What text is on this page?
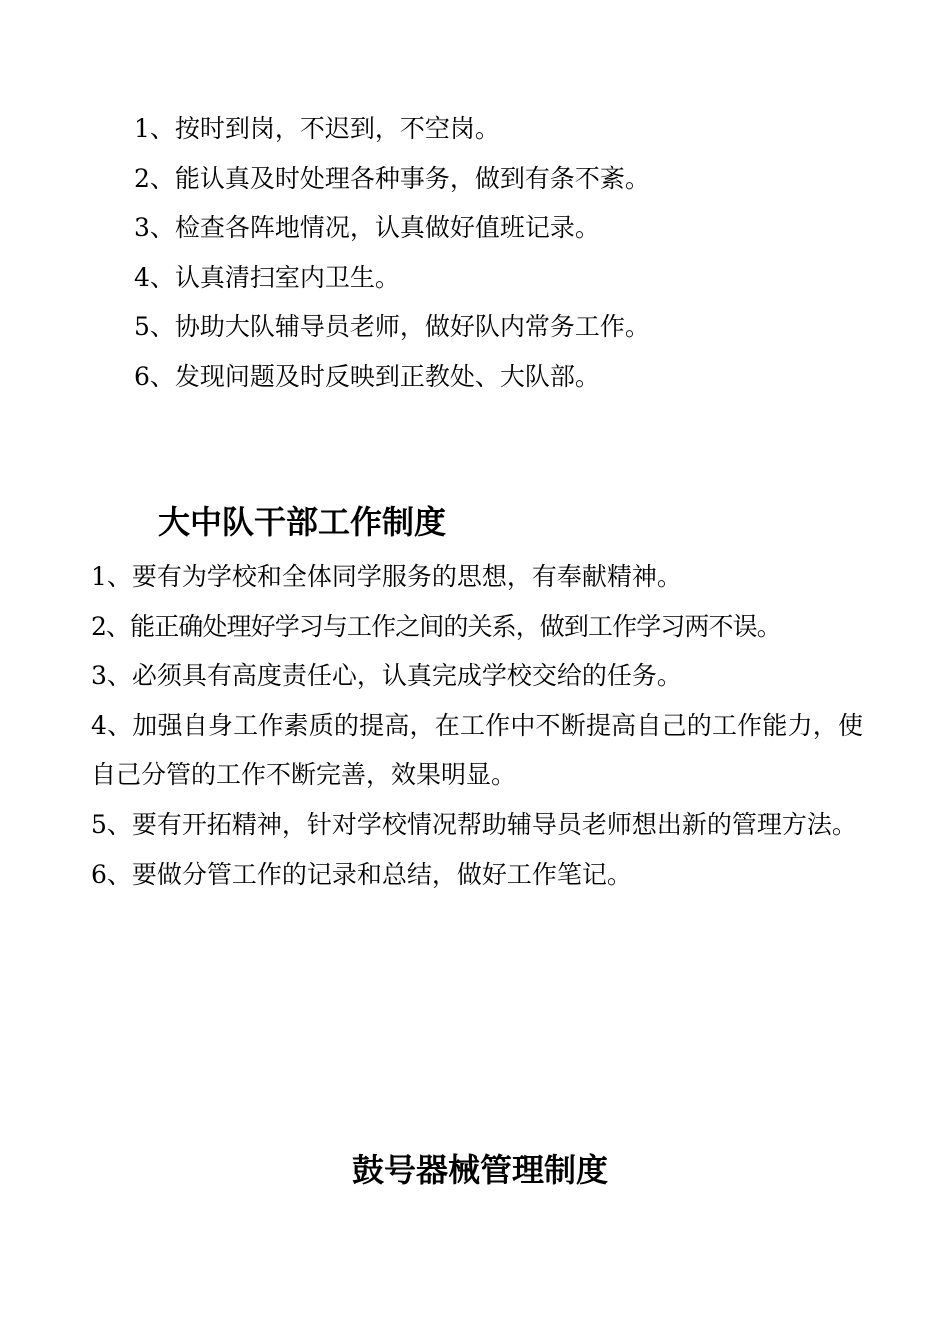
1、按时到岗，不迟到，不空岗。
2、能认真及时处理各种事务，做到有条不紊。
3、检查各阵地情况，认真做好值班记录。
4、认真清扫室内卫生。
5、协助大队辅导员老师，做好队内常务工作。
6、发现问题及时反映到正教处、大队部。
大中队干部工作制度
1、要有为学校和全体同学服务的思想，有奉献精神。
2、能正确处理好学习与工作之间的关系，做到工作学习两不误。
3、必须具有高度责任心，认真完成学校交给的任务。
4、加强自身工作素质的提高，在工作中不断提高自己的工作能力，使自己分管的工作不断完善，效果明显。
5、要有开拓精神，针对学校情况帮助辅导员老师想出新的管理方法。
6、要做分管工作的记录和总结，做好工作笔记。
鼓号器械管理制度
